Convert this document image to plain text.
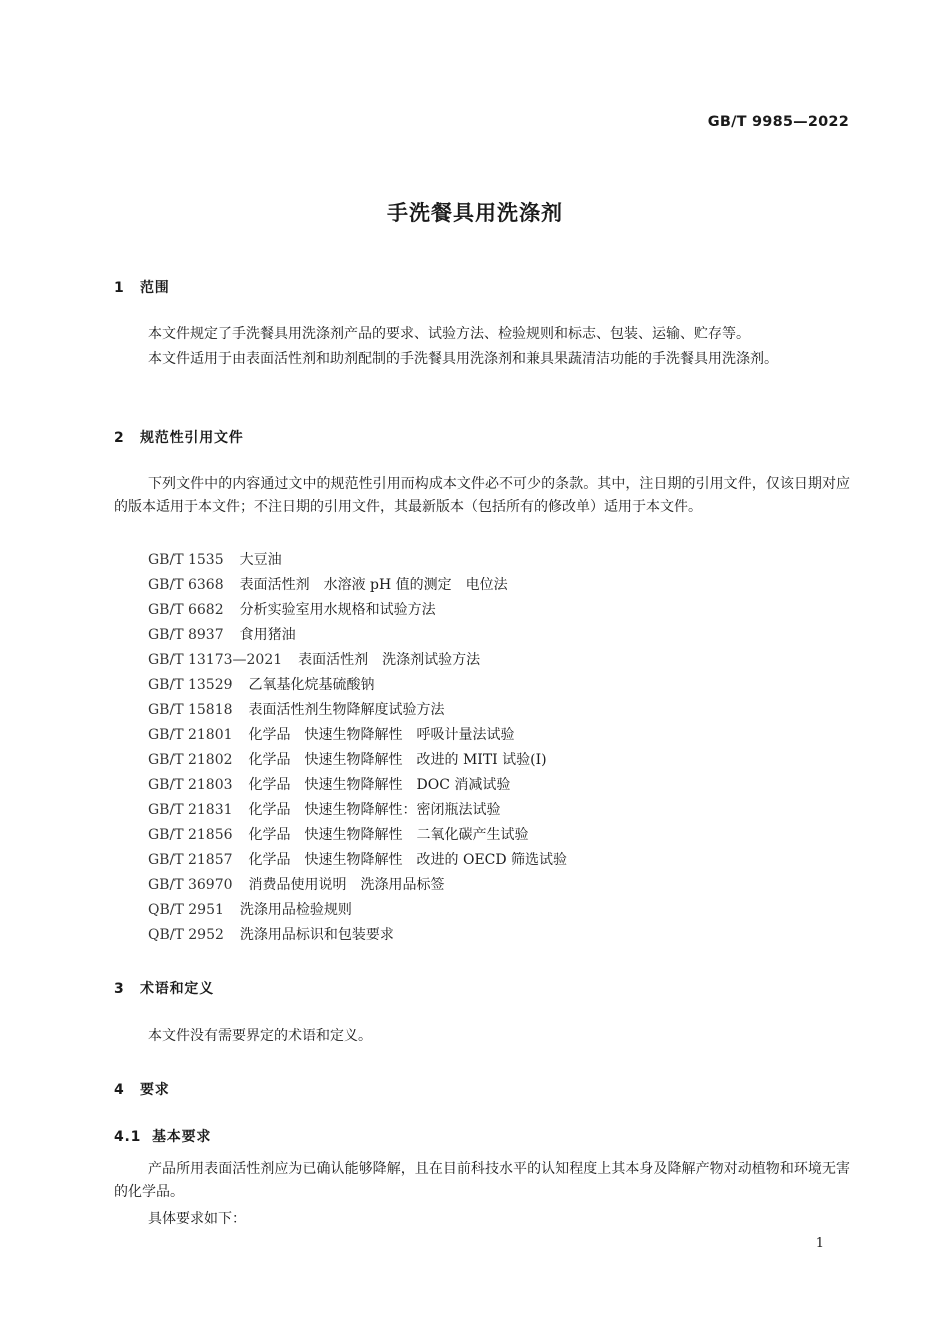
GB/T 9985—2022
手洗餐具用洗涤剂
1 范围
本文件规定了手洗餐具用洗涤剂产品的要求、试验方法、检验规则和标志、包装、运输、贮存等。
本文件适用于由表面活性剂和助剂配制的手洗餐具用洗涤剂和兼具果蔬清洁功能的手洗餐具用洗涤剂。
2 规范性引用文件
下列文件中的内容通过文中的规范性引用而构成本文件必不可少的条款。其中，注日期的引用文件，仅该日期对应的版本适用于本文件；不注日期的引用文件，其最新版本（包括所有的修改单）适用于本文件。
GB/T 1535 大豆油
GB/T 6368 表面活性剂　水溶液 pH 值的测定　电位法
GB/T 6682 分析实验室用水规格和试验方法
GB/T 8937 食用猪油
GB/T 13173—2021 表面活性剂　洗涤剂试验方法
GB/T 13529 乙氧基化烷基硫酸钠
GB/T 15818 表面活性剂生物降解度试验方法
GB/T 21801 化学品　快速生物降解性　呼吸计量法试验
GB/T 21802 化学品　快速生物降解性　改进的 MITI 试验(Ⅰ)
GB/T 21803 化学品　快速生物降解性　DOC 消减试验
GB/T 21831 化学品　快速生物降解性：密闭瓶法试验
GB/T 21856 化学品　快速生物降解性　二氧化碳产生试验
GB/T 21857 化学品　快速生物降解性　改进的 OECD 筛选试验
GB/T 36970 消费品使用说明　洗涤用品标签
QB/T 2951 洗涤用品检验规则
QB/T 2952 洗涤用品标识和包装要求
3 术语和定义
本文件没有需要界定的术语和定义。
4 要求
4.1 基本要求
产品所用表面活性剂应为已确认能够降解，且在目前科技水平的认知程度上其本身及降解产物对动植物和环境无害的化学品。
具体要求如下：
1
